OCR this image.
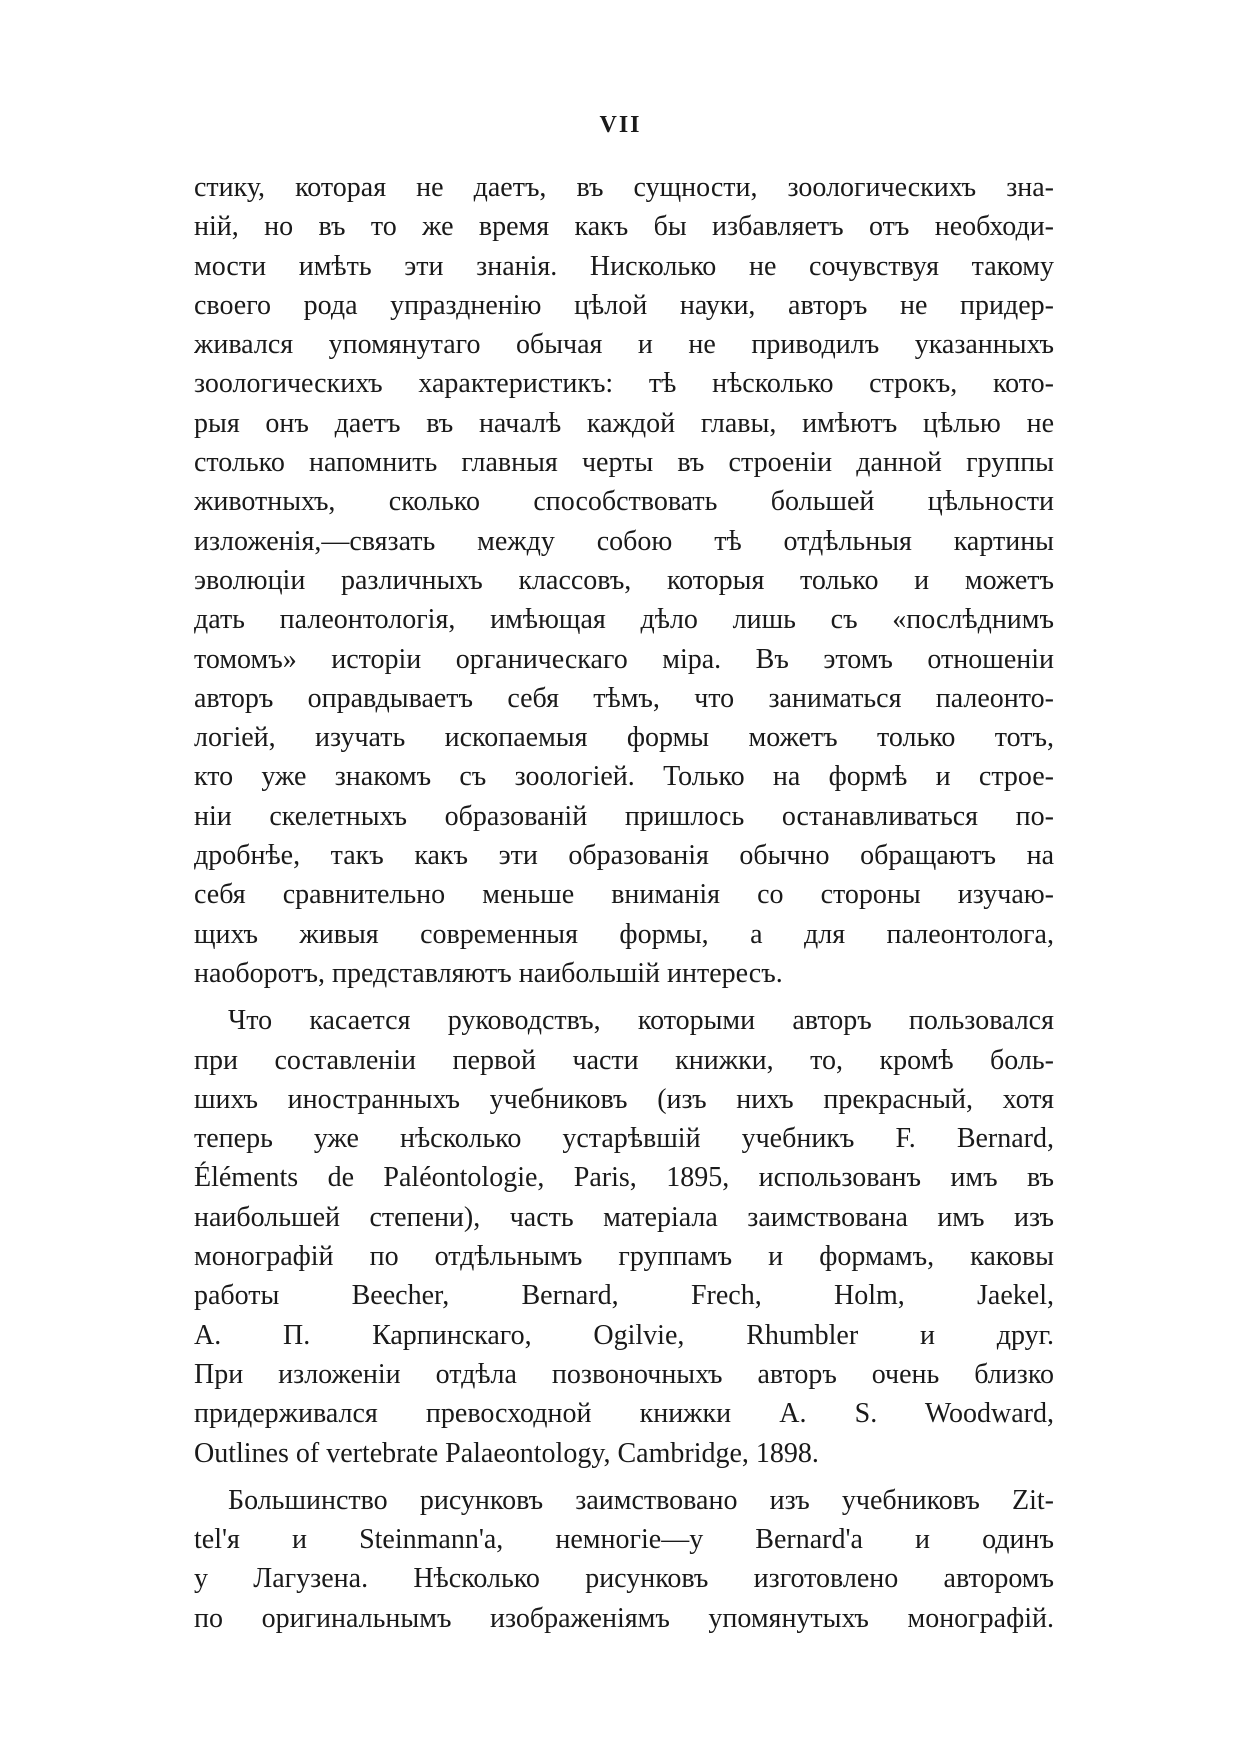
VII
стику, которая не даетъ, въ сущности, зоологическихъ зна-
ній, но въ то же время какъ бы избавляетъ отъ необходи-
мости имѣть эти знанія. Нисколько не сочувствуя такому
своего рода упраздненію цѣлой науки, авторъ не придер-
живался упомянутаго обычая и не приводилъ указанныхъ
зоологическихъ характеристикъ: тѣ нѣсколько строкъ, кото-
рыя онъ даетъ въ началѣ каждой главы, имѣютъ цѣлью не
столько напомнить главныя черты въ строеніи данной группы
животныхъ, сколько способствовать большей цѣльности
изложенія,—связать между собою тѣ отдѣльныя картины
эволюціи различныхъ классовъ, которыя только и можетъ
дать палеонтологія, имѣющая дѣло лишь съ «послѣднимъ
томомъ» исторіи органическаго міра. Въ этомъ отношеніи
авторъ оправдываетъ себя тѣмъ, что заниматься палеонто-
логіей, изучать ископаемыя формы можетъ только тотъ,
кто уже знакомъ съ зоологіей. Только на формѣ и строе-
ніи скелетныхъ образованій пришлось останавливаться по-
дробнѣе, такъ какъ эти образованія обычно обращаютъ на
себя сравнительно меньше вниманія со стороны изучаю-
щихъ живыя современныя формы, а для палеонтолога,
наоборотъ, представляютъ наибольшій интересъ.
Что касается руководствъ, которыми авторъ пользовался
при составленіи первой части книжки, то, кромѣ боль-
шихъ иностранныхъ учебниковъ (изъ нихъ прекрасный, хотя
теперь уже нѣсколько устарѣвшій учебникъ F. Bernard,
Éléments de Paléontologie, Paris, 1895, использованъ имъ въ
наибольшей степени), часть матеріала заимствована имъ изъ
монографій по отдѣльнымъ группамъ и формамъ, каковы
работы Beecher, Bernard, Frech, Holm, Jaekel,
А. П. Карпинскаго, Ogilvie, Rhumbler и друг.
При изложеніи отдѣла позвоночныхъ авторъ очень близко
придерживался превосходной книжки A. S. Woodward,
Outlines of vertebrate Palaeontology, Cambridge, 1898.
Большинство рисунковъ заимствовано изъ учебниковъ Zit-
tel'я и Steinmann'а, немногіе—у Bernard'а и одинъ
у Лагузена. Нѣсколько рисунковъ изготовлено авторомъ
по оригинальнымъ изображеніямъ упомянутыхъ монографій.
